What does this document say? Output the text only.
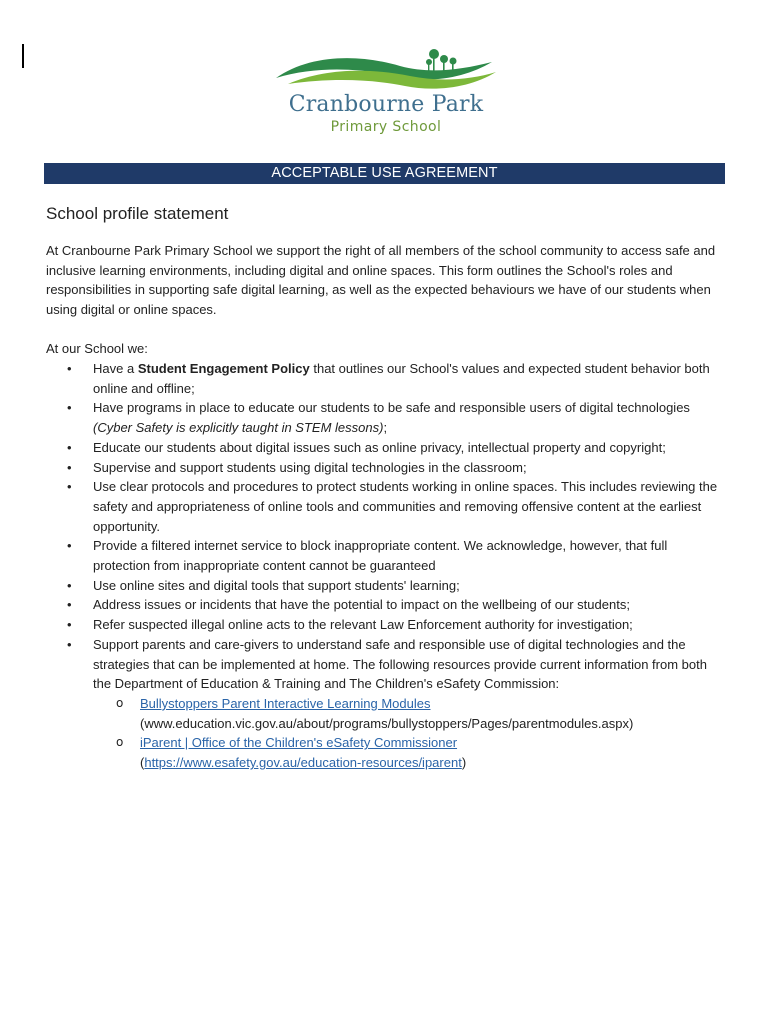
Cranbourne Park
Primary School
ACCEPTABLE USE AGREEMENT
School profile statement

At Cranbourne Park Primary School we support the right of all members of the school community to access safe and inclusive learning environments, including digital and online spaces. This form outlines the School's roles and responsibilities in supporting safe digital learning, as well as the expected behaviours we have of our students when using digital or online spaces.

At our School we:

• Have a Student Engagement Policy that outlines our School's values and expected student behavior both online and offline;
• Have programs in place to educate our students to be safe and responsible users of digital technologies (Cyber Safety is explicitly taught in STEM lessons);
• Educate our students about digital issues such as online privacy, intellectual property and copyright;
• Supervise and support students using digital technologies in the classroom;
• Use clear protocols and procedures to protect students working in online spaces. This includes reviewing the safety and appropriateness of online tools and communities and removing offensive content at the earliest opportunity.
• Provide a filtered internet service to block inappropriate content. We acknowledge, however, that full protection from inappropriate content cannot be guaranteed
• Use online sites and digital tools that support students' learning;
• Address issues or incidents that have the potential to impact on the wellbeing of our students;
• Refer suspected illegal online acts to the relevant Law Enforcement authority for investigation;
• Support parents and care-givers to understand safe and responsible use of digital technologies and the strategies that can be implemented at home. The following resources provide current information from both the Department of Education & Training and The Children's eSafety Commission:
o Bullystoppers Parent Interactive Learning Modules
(www.education.vic.gov.au/about/programs/bullystoppers/Pages/parentmodules.aspx)
o iParent | Office of the Children's eSafety Commissioner
(https://www.esafety.gov.au/education-resources/iparent)
